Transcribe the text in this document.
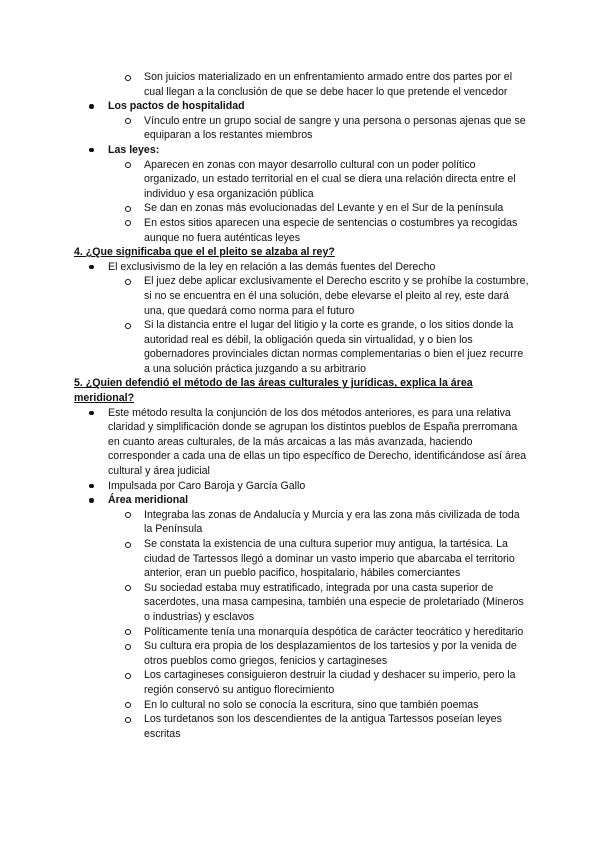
Son juicios materializado en un enfrentamiento armado entre dos partes por el cual llegan a la conclusión de que se debe hacer lo que pretende el vencedor
Los pactos de hospitalidad
Vínculo entre un grupo social de sangre y una persona o personas ajenas que se equiparan a los restantes miembros
Las leyes:
Aparecen en zonas con mayor desarrollo cultural con un poder político organizado, un estado territorial en el cual se diera una relación directa entre el individuo y esa organización pública
Se dan en zonas más evolucionadas del Levante y en el Sur de la península
En estos sitios aparecen una especie de sentencias o costumbres ya recogidas aunque no fuera auténticas leyes
4. ¿Que significaba que el el pleito se alzaba al rey?
El exclusivismo de la ley en relación a las demás fuentes del Derecho
El juez debe aplicar exclusivamente el Derecho escrito y se prohíbe la costumbre, si no se encuentra en él una solución, debe elevarse el pleito al rey, este dará una, que quedará como norma para el futuro
Si la distancia entre el lugar del litigio y la corte es grande, o los sitios donde la autoridad real es débil, la obligación queda sin virtualidad, y o bien los gobernadores provinciales dictan normas complementarias o bien el juez recurre a una solución práctica juzgando a su arbitrario
5. ¿Quien defendió el método de las áreas culturales y jurídicas, explica la área meridional?
Este método resulta la conjunción de los dos métodos anteriores, es para una relativa claridad y simplificación donde se agrupan los distintos pueblos de España prerromana en cuanto areas culturales, de la más arcaicas a las más avanzada, haciendo corresponder a cada una de ellas un tipo específico de Derecho, identificándose así área cultural y área judicial
Impulsada por Caro Baroja y García Gallo
Área meridional
Integraba las zonas de Andalucía y Murcia y era las zona más civilizada de toda la Península
Se constata la existencia de una cultura superior muy antigua, la tartésica. La ciudad de Tartessos llegó a dominar un vasto imperio que abarcaba el territorio anterior, eran un pueblo pacifico, hospitalario, hábiles comerciantes
Su sociedad estaba muy estratificado, integrada por una casta superior de sacerdotes, una masa campesina, también una especie de proletariado (Mineros o industrias) y esclavos
Políticamente tenía una monarquía despótica de carácter teocrático y hereditario
Su cultura era propia de los desplazamientos de los tartesios y por la venida de otros pueblos como griegos, fenicios y cartagineses
Los cartagineses consiguieron destruir la ciudad y deshacer su imperio, pero la región conservó su antiguo florecimiento
En lo cultural no solo se conocía la escritura, sino que también poemas
Los turdetanos son los descendientes de la antigua Tartessos poseían leyes escritas
